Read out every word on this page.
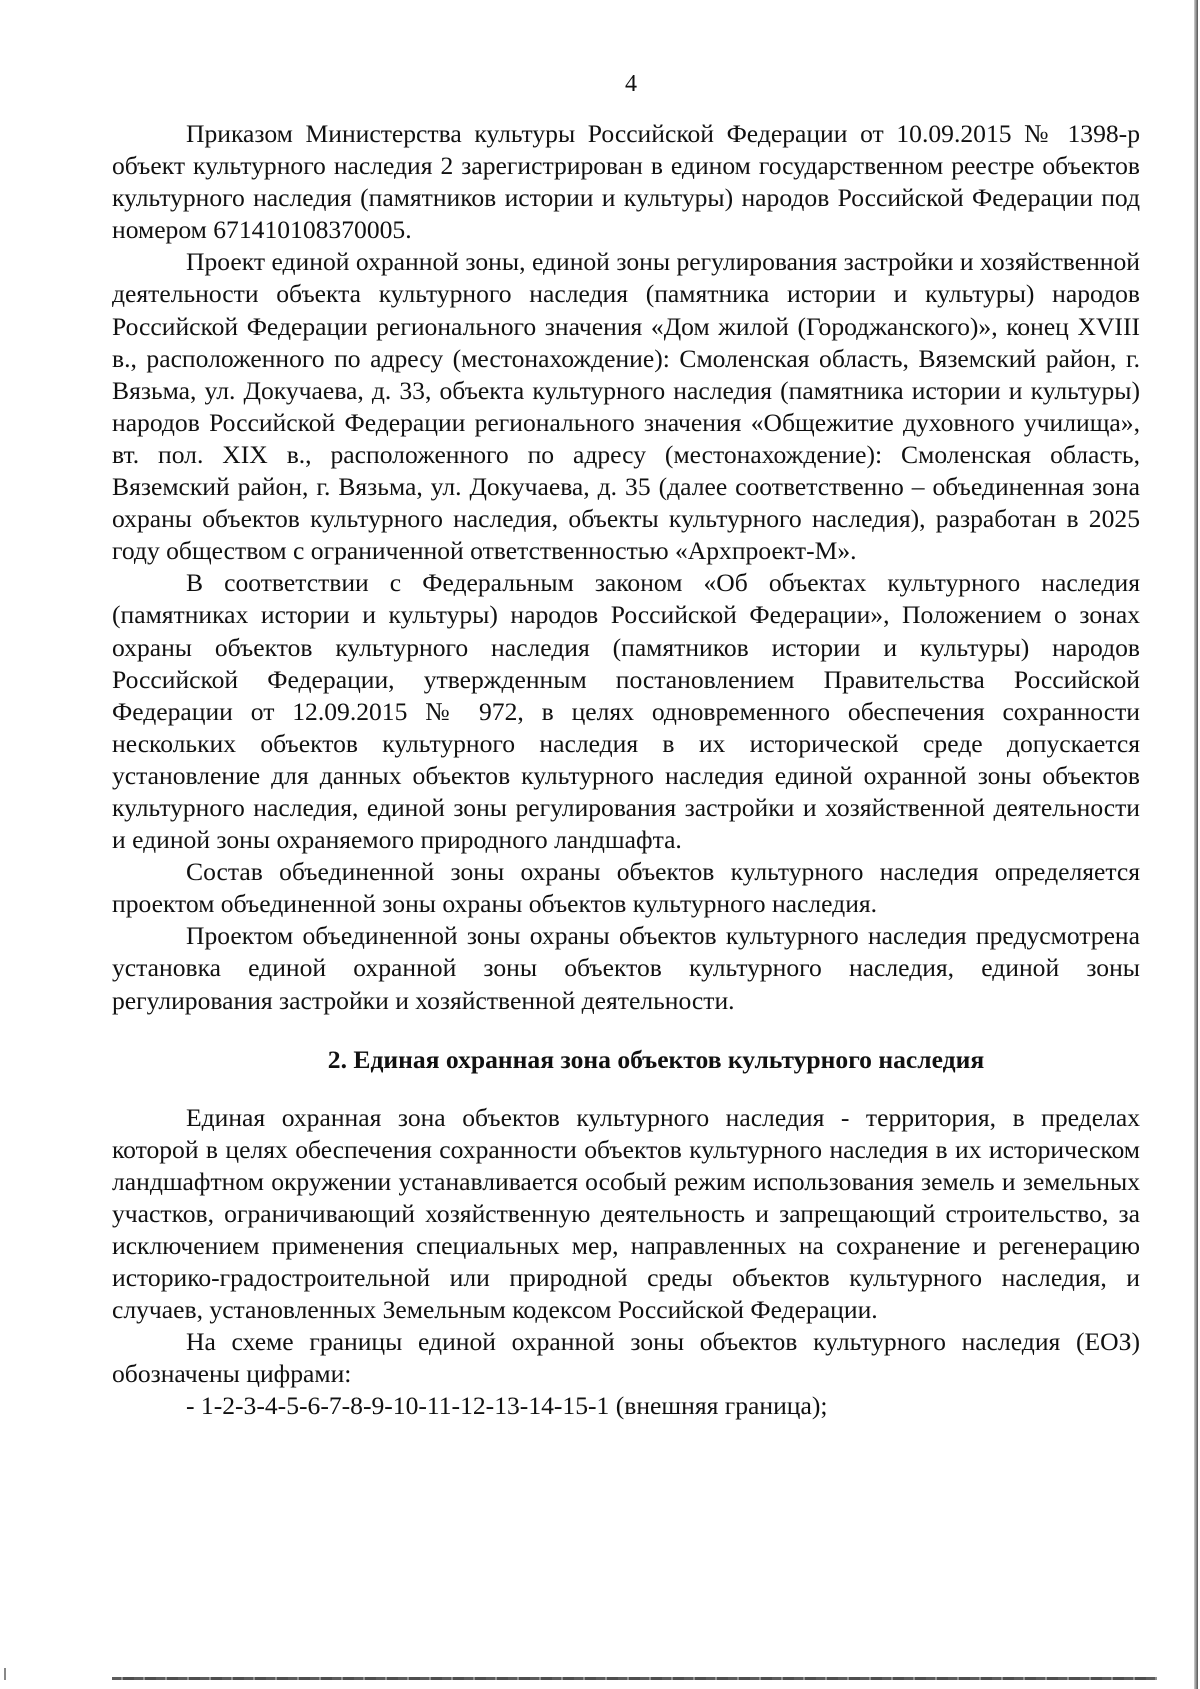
4

Приказом Министерства культуры Российской Федерации от 10.09.2015 № 1398-р объект культурного наследия 2 зарегистрирован в едином государственном реестре объектов культурного наследия (памятников истории и культуры) народов Российской Федерации под номером 671410108370005.

Проект единой охранной зоны, единой зоны регулирования застройки и хозяйственной деятельности объекта культурного наследия (памятника истории и культуры) народов Российской Федерации регионального значения «Дом жилой (Городжанского)», конец XVIII в., расположенного по адресу (местонахождение): Смоленская область, Вяземский район, г. Вязьма, ул. Докучаева, д. 33, объекта культурного наследия (памятника истории и культуры) народов Российской Федерации регионального значения «Общежитие духовного училища», вт. пол. XIX в., расположенного по адресу (местонахождение): Смоленская область, Вяземский район, г. Вязьма, ул. Докучаева, д. 35 (далее соответственно – объединенная зона охраны объектов культурного наследия, объекты культурного наследия), разработан в 2025 году обществом с ограниченной ответственностью «Архпроект-М».

В соответствии с Федеральным законом «Об объектах культурного наследия (памятниках истории и культуры) народов Российской Федерации», Положением о зонах охраны объектов культурного наследия (памятников истории и культуры) народов Российской Федерации, утвержденным постановлением Правительства Российской Федерации от 12.09.2015 № 972, в целях одновременного обеспечения сохранности нескольких объектов культурного наследия в их исторической среде допускается установление для данных объектов культурного наследия единой охранной зоны объектов культурного наследия, единой зоны регулирования застройки и хозяйственной деятельности и единой зоны охраняемого природного ландшафта.

Состав объединенной зоны охраны объектов культурного наследия определяется проектом объединенной зоны охраны объектов культурного наследия.

Проектом объединенной зоны охраны объектов культурного наследия предусмотрена установка единой охранной зоны объектов культурного наследия, единой зоны регулирования застройки и хозяйственной деятельности.

2. Единая охранная зона объектов культурного наследия

Единая охранная зона объектов культурного наследия - территория, в пределах которой в целях обеспечения сохранности объектов культурного наследия в их историческом ландшафтном окружении устанавливается особый режим использования земель и земельных участков, ограничивающий хозяйственную деятельность и запрещающий строительство, за исключением применения специальных мер, направленных на сохранение и регенерацию историко-градостроительной или природной среды объектов культурного наследия, и случаев, установленных Земельным кодексом Российской Федерации.

На схеме границы единой охранной зоны объектов культурного наследия (ЕОЗ) обозначены цифрами:

- 1-2-3-4-5-6-7-8-9-10-11-12-13-14-15-1 (внешняя граница);
